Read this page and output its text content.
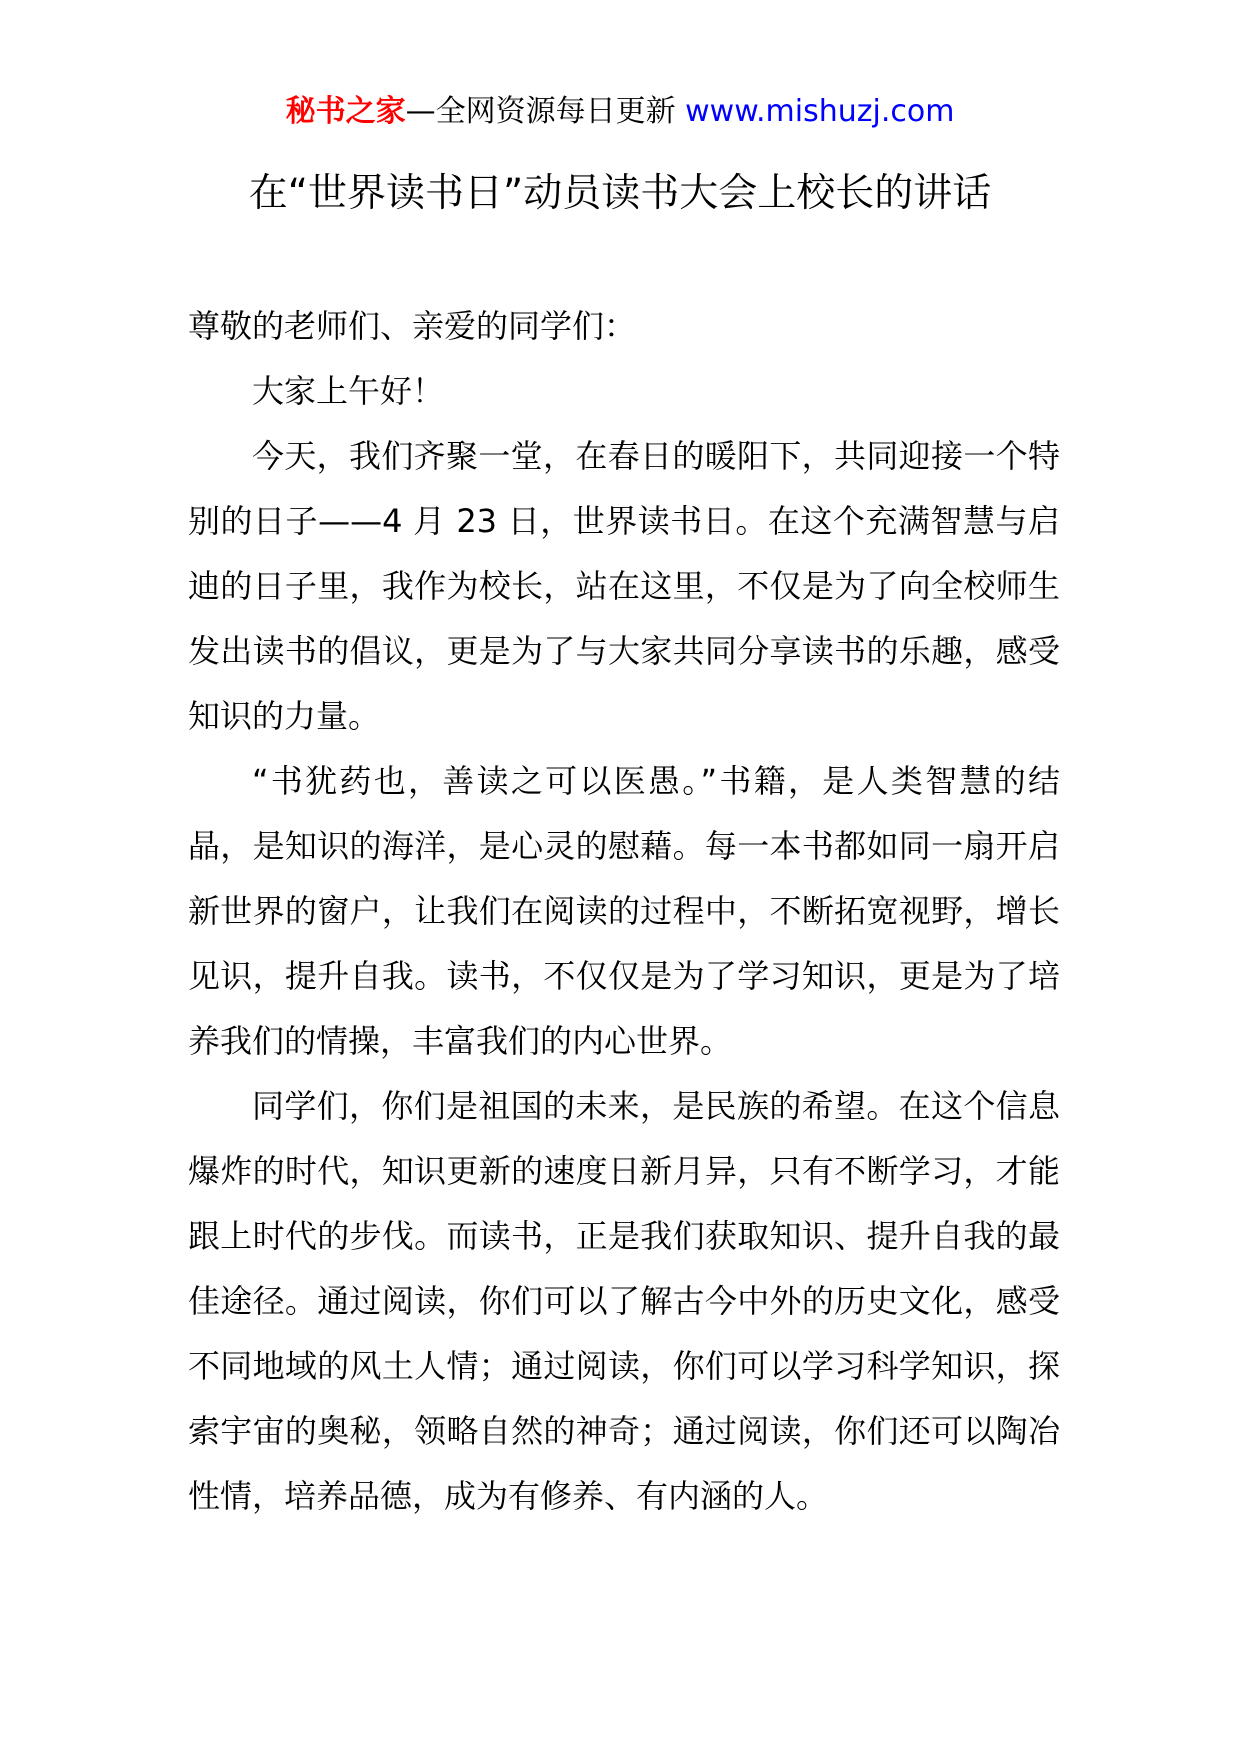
秘书之家—全网资源每日更新 www.mishuzj.com
在“世界读书日”动员读书大会上校长的讲话

尊敬的老师们、亲爱的同学们：

大家上午好！

今天，我们齐聚一堂，在春日的暖阳下，共同迎接一个特别的日子——4 月 23 日，世界读书日。在这个充满智慧与启迪的日子里，我作为校长，站在这里，不仅是为了向全校师生发出读书的倡议，更是为了与大家共同分享读书的乐趣，感受知识的力量。

“书犹药也，善读之可以医愚。”书籍，是人类智慧的结晶，是知识的海洋，是心灵的慰藉。每一本书都如同一扇开启新世界的窗户，让我们在阅读的过程中，不断拓宽视野，增长见识，提升自我。读书，不仅仅是为了学习知识，更是为了培养我们的情操，丰富我们的内心世界。

同学们，你们是祖国的未来，是民族的希望。在这个信息爆炸的时代，知识更新的速度日新月异，只有不断学习，才能跟上时代的步伐。而读书，正是我们获取知识、提升自我的最佳途径。通过阅读，你们可以了解古今中外的历史文化，感受不同地域的风土人情；通过阅读，你们可以学习科学知识，探索宇宙的奥秘，领略自然的神奇；通过阅读，你们还可以陶冶性情，培养品德，成为有修养、有内涵的人。
